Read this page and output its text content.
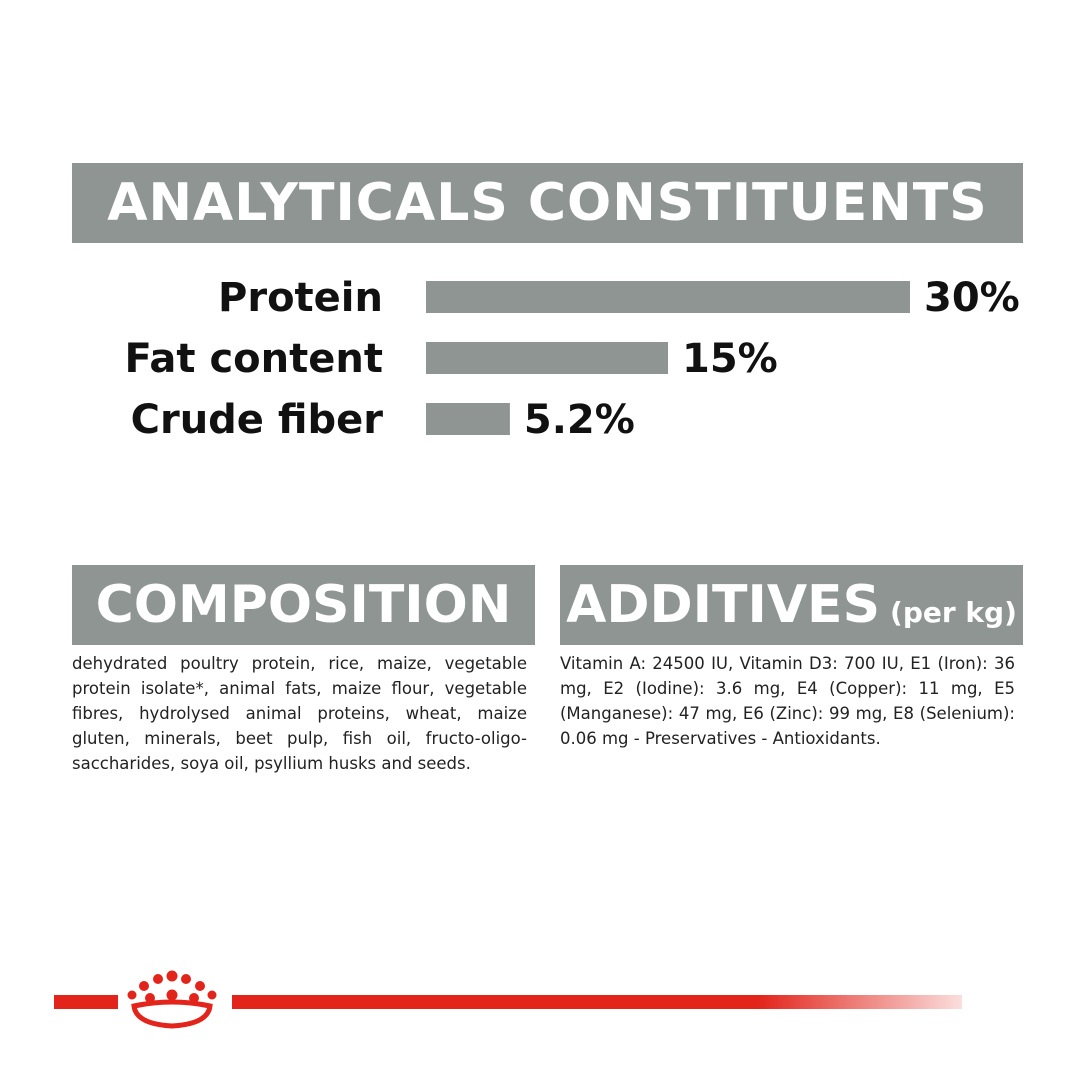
ANALYTICALS CONSTITUENTS
Protein	30%
Fat content	15%
Crude fiber	5.2%
COMPOSITION

dehydrated poultry protein, rice, maize, vegetable protein isolate*, animal fats, maize flour, vegetable fibres, hydrolysed animal proteins, wheat, maize gluten, minerals, beet pulp, fish oil, fructo-oligo-saccharides, soya oil, psyllium husks and seeds.

ADDITIVES (per kg)

Vitamin A: 24500 IU, Vitamin D3: 700 IU, E1 (Iron): 36 mg, E2 (Iodine): 3.6 mg, E4 (Copper): 11 mg, E5 (Manganese): 47 mg, E6 (Zinc): 99 mg, E8 (Selenium): 0.06 mg - Preservatives - Antioxidants.
